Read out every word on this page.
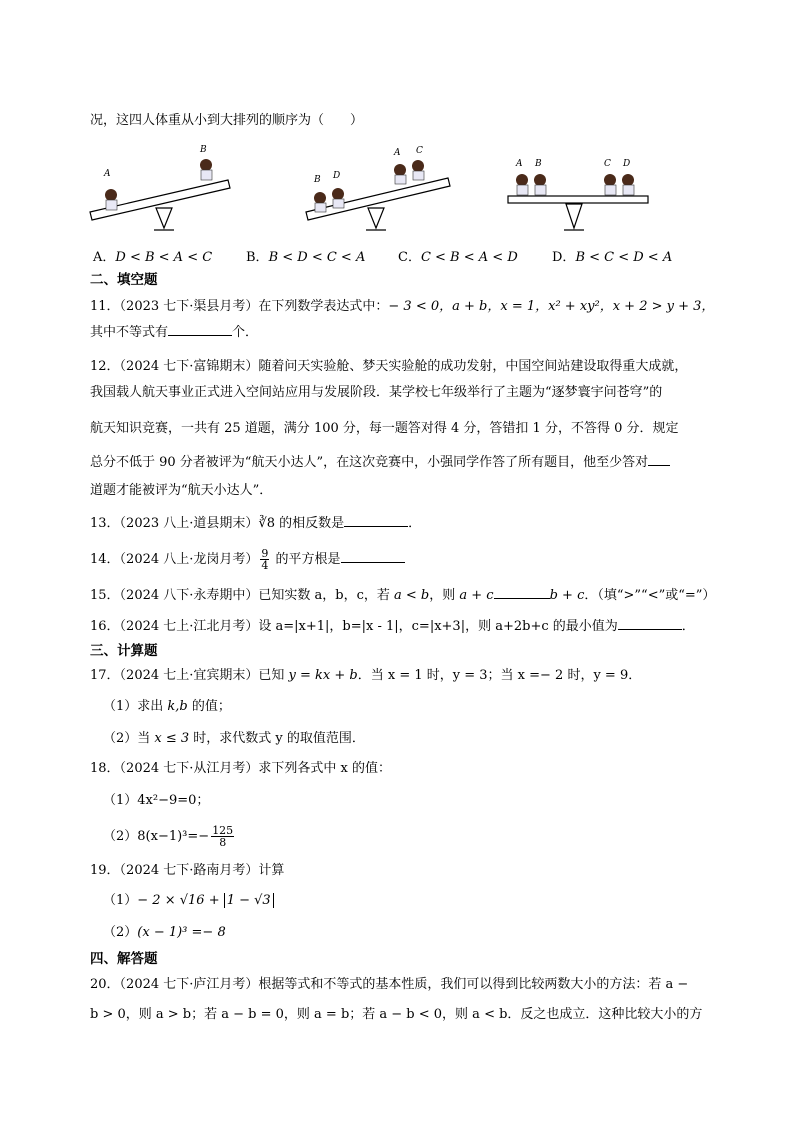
况，这四人体重从小到大排列的顺序为（　　）
A
B
B D
A C
A B	C D
A．D < B < A < C	B．B < D < C < A	C．C < B < A < D	D．B < C < D < A
二、填空题
11．（2023 七下·渠县月考）在下列数学表达式中：− 3 < 0，a + b，x = 1，x² + xy²，x + 2 > y + 3，
其中不等式有	个．
12．（2024 七下·富锦期末）随着问天实验舱、梦天实验舱的成功发射，中国空间站建设取得重大成就，
我国载人航天事业正式进入空间站应用与发展阶段．某学校七年级举行了主题为“逐梦寰宇问苍穹”的
航天知识竞赛，一共有 25 道题，满分 100 分，每一题答对得 4 分，答错扣 1 分，不答得 0 分．规定
总分不低于 90 分者被评为“航天小达人”，在这次竞赛中，小强同学作答了所有题目，他至少答对
道题才能被评为“航天小达人”．
13．（2023 八上·道县期末）∛8 的相反数是	．
14．（2024 八上·龙岗月考） $\frac{9}{4}$ 的平方根是
15．（2024 八下·永寿期中）已知实数 a，b，c，若 a < b，则 a + c	b + c．（填“>”“<”或“=”）
16．（2024 七上·江北月考）设 a=|x+1|，b=|x - 1|，c=|x+3|，则 a+2b+c 的最小值为	．
三、计算题
17．（2024 七上·宜宾期末）已知 y = kx + b．当 x = 1 时，y = 3；当 x =− 2 时，y = 9．
（1）求出 k,b 的值；
（2）当 x ≤ 3 时，求代数式 y 的取值范围．
18．（2024 七下·从江月考）求下列各式中 x 的值：
（1）4x²−9=0；
$(2)8(x-1)^3=- \frac{125}{8}$
19．（2024 七下·路南月考）计算
（1）− 2 × √16 + 1 − √3
（2）(x − 1)³ =− 8
四、解答题
20．（2024 七下·庐江月考）根据等式和不等式的基本性质，我们可以得到比较两数大小的方法：若 a −
b > 0，则 a > b；若 a − b = 0，则 a = b；若 a − b < 0，则 a < b．反之也成立．这种比较大小的方
